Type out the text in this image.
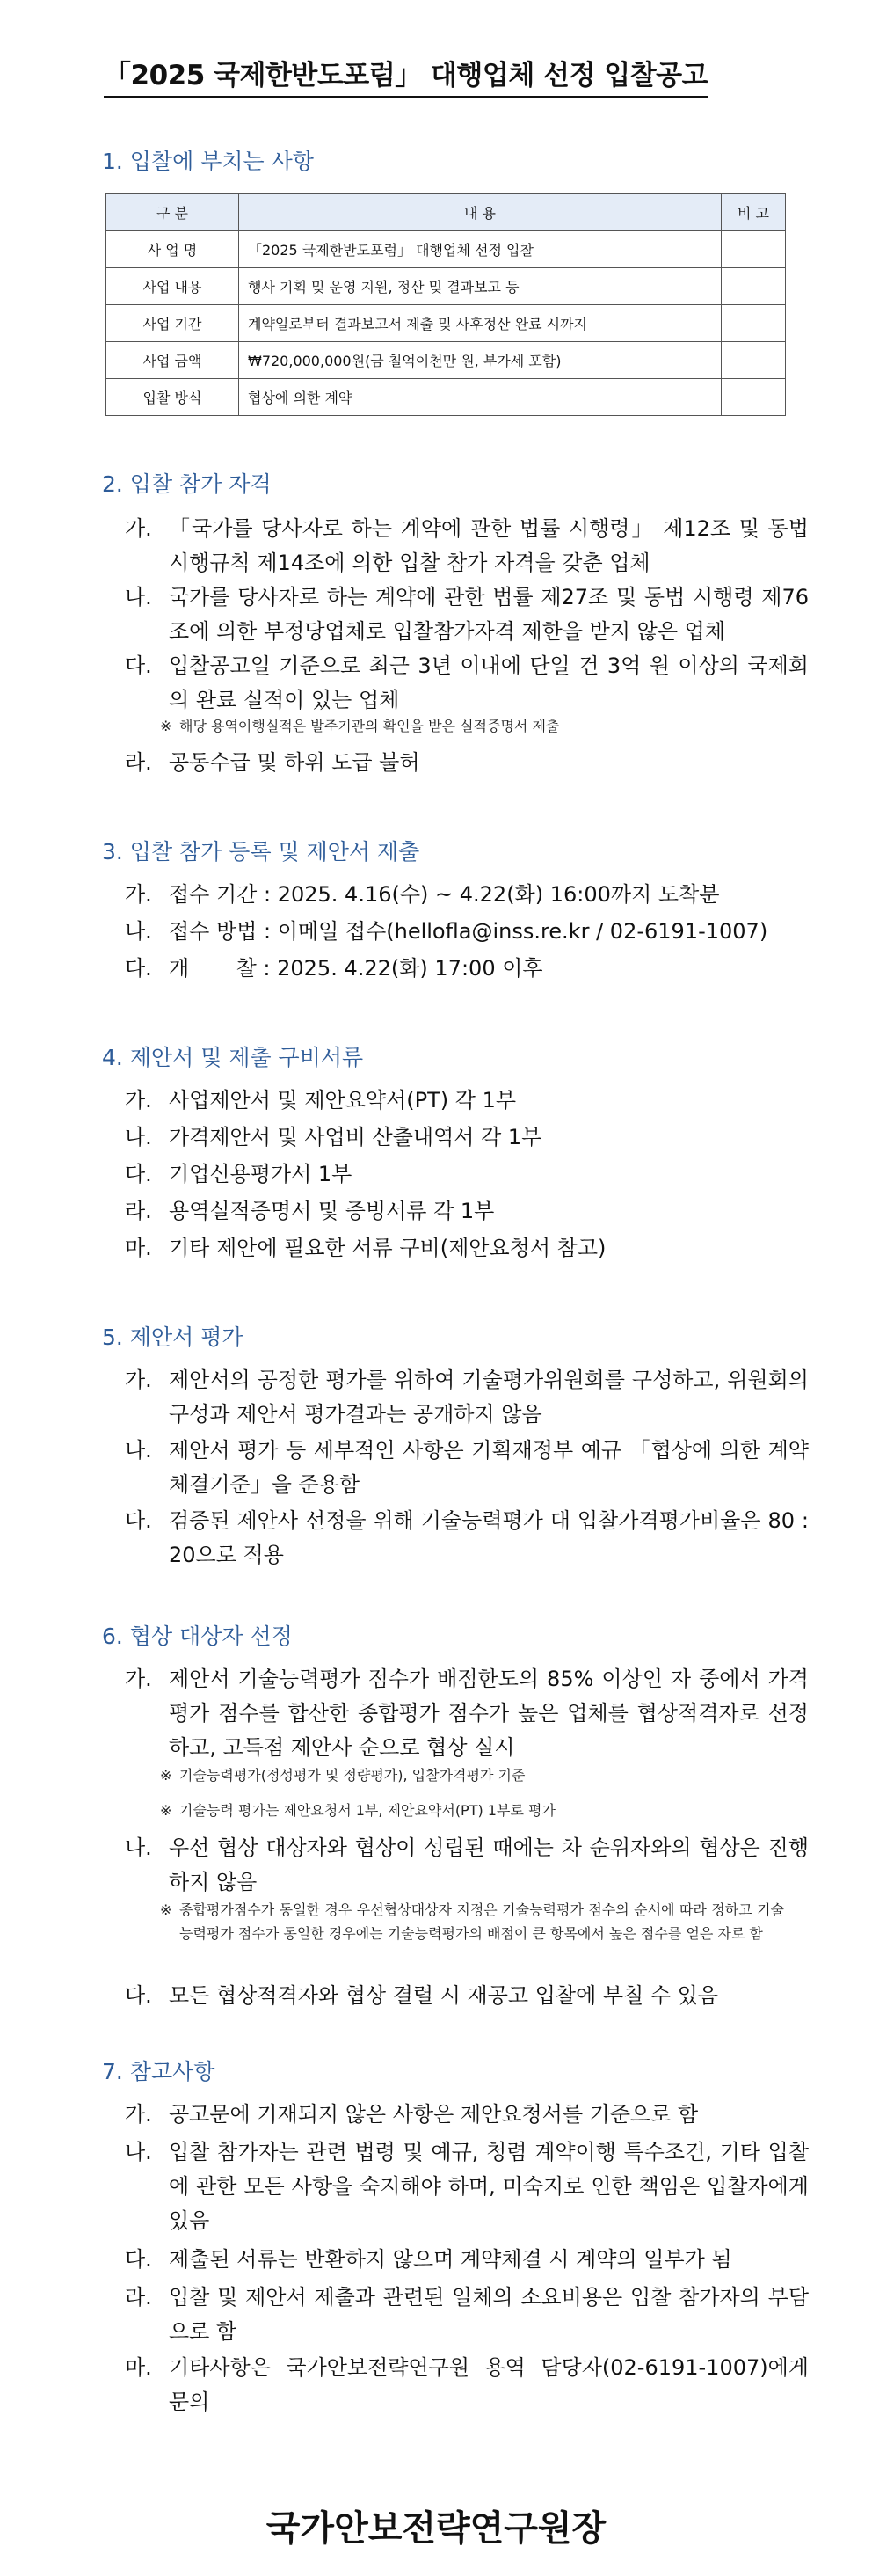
「2025 국제한반도포럼」 대행업체 선정 입찰공고
1. 입찰에 부치는 사항
구 분	내 용	비 고
사 업 명	「2025 국제한반도포럼」 대행업체 선정 입찰	
사업 내용	행사 기획 및 운영 지원, 정산 및 결과보고 등	
사업 기간	계약일로부터 결과보고서 제출 및 사후정산 완료 시까지	
사업 금액	₩720,000,000원(금 칠억이천만 원, 부가세 포함)	
입찰 방식	협상에 의한 계약	
2. 입찰 참가 자격
가. 「국가를 당사자로 하는 계약에 관한 법률 시행령」 제12조 및 동법 시행규칙 제14조에 의한 입찰 참가 자격을 갖춘 업체
나. 국가를 당사자로 하는 계약에 관한 법률 제27조 및 동법 시행령 제76조에 의한 부정당업체로 입찰참가자격 제한을 받지 않은 업체
다. 입찰공고일 기준으로 최근 3년 이내에 단일 건 3억 원 이상의 국제회의 완료 실적이 있는 업체
※ 해당 용역이행실적은 발주기관의 확인을 받은 실적증명서 제출
라. 공동수급 및 하위 도급 불허
3. 입찰 참가 등록 및 제안서 제출
가. 접수 기간 : 2025. 4.16(수) ~ 4.22(화) 16:00까지 도착분
나. 접수 방법 : 이메일 접수(hellofla@inss.re.kr / 02-6191-1007)
다. 개       찰 : 2025. 4.22(화) 17:00 이후
4. 제안서 및 제출 구비서류
가. 사업제안서 및 제안요약서(PT) 각 1부
나. 가격제안서 및 사업비 산출내역서 각 1부
다. 기업신용평가서 1부
라. 용역실적증명서 및 증빙서류 각 1부
마. 기타 제안에 필요한 서류 구비(제안요청서 참고)
5. 제안서 평가
가. 제안서의 공정한 평가를 위하여 기술평가위원회를 구성하고, 위원회의 구성과 제안서 평가결과는 공개하지 않음
나. 제안서 평가 등 세부적인 사항은 기획재정부 예규 「협상에 의한 계약체결기준」을 준용함
다. 검증된 제안사 선정을 위해 기술능력평가 대 입찰가격평가비율은 80 : 20으로 적용
6. 협상 대상자 선정
가. 제안서 기술능력평가 점수가 배점한도의 85% 이상인 자 중에서 가격평가 점수를 합산한 종합평가 점수가 높은 업체를 협상적격자로 선정하고, 고득점 제안사 순으로 협상 실시
※ 기술능력평가(정성평가 및 정량평가), 입찰가격평가 기준
※ 기술능력 평가는 제안요청서 1부, 제안요약서(PT) 1부로 평가
나. 우선 협상 대상자와 협상이 성립된 때에는 차 순위자와의 협상은 진행하지 않음
※ 종합평가점수가 동일한 경우 우선협상대상자 지정은 기술능력평가 점수의 순서에 따라 정하고 기술능력평가 점수가 동일한 경우에는 기술능력평가의 배점이 큰 항목에서 높은 점수를 얻은 자로 함
다. 모든 협상적격자와 협상 결렬 시 재공고 입찰에 부칠 수 있음
7. 참고사항
가. 공고문에 기재되지 않은 사항은 제안요청서를 기준으로 함
나. 입찰 참가자는 관련 법령 및 예규, 청렴 계약이행 특수조건, 기타 입찰에 관한 모든 사항을 숙지해야 하며, 미숙지로 인한 책임은 입찰자에게 있음
다. 제출된 서류는 반환하지 않으며 계약체결 시 계약의 일부가 됨
라. 입찰 및 제안서 제출과 관련된 일체의 소요비용은 입찰 참가자의 부담으로 함
마. 기타사항은 국가안보전략연구원 용역 담당자(02-6191-1007)에게 문의
국가안보전략연구원장
